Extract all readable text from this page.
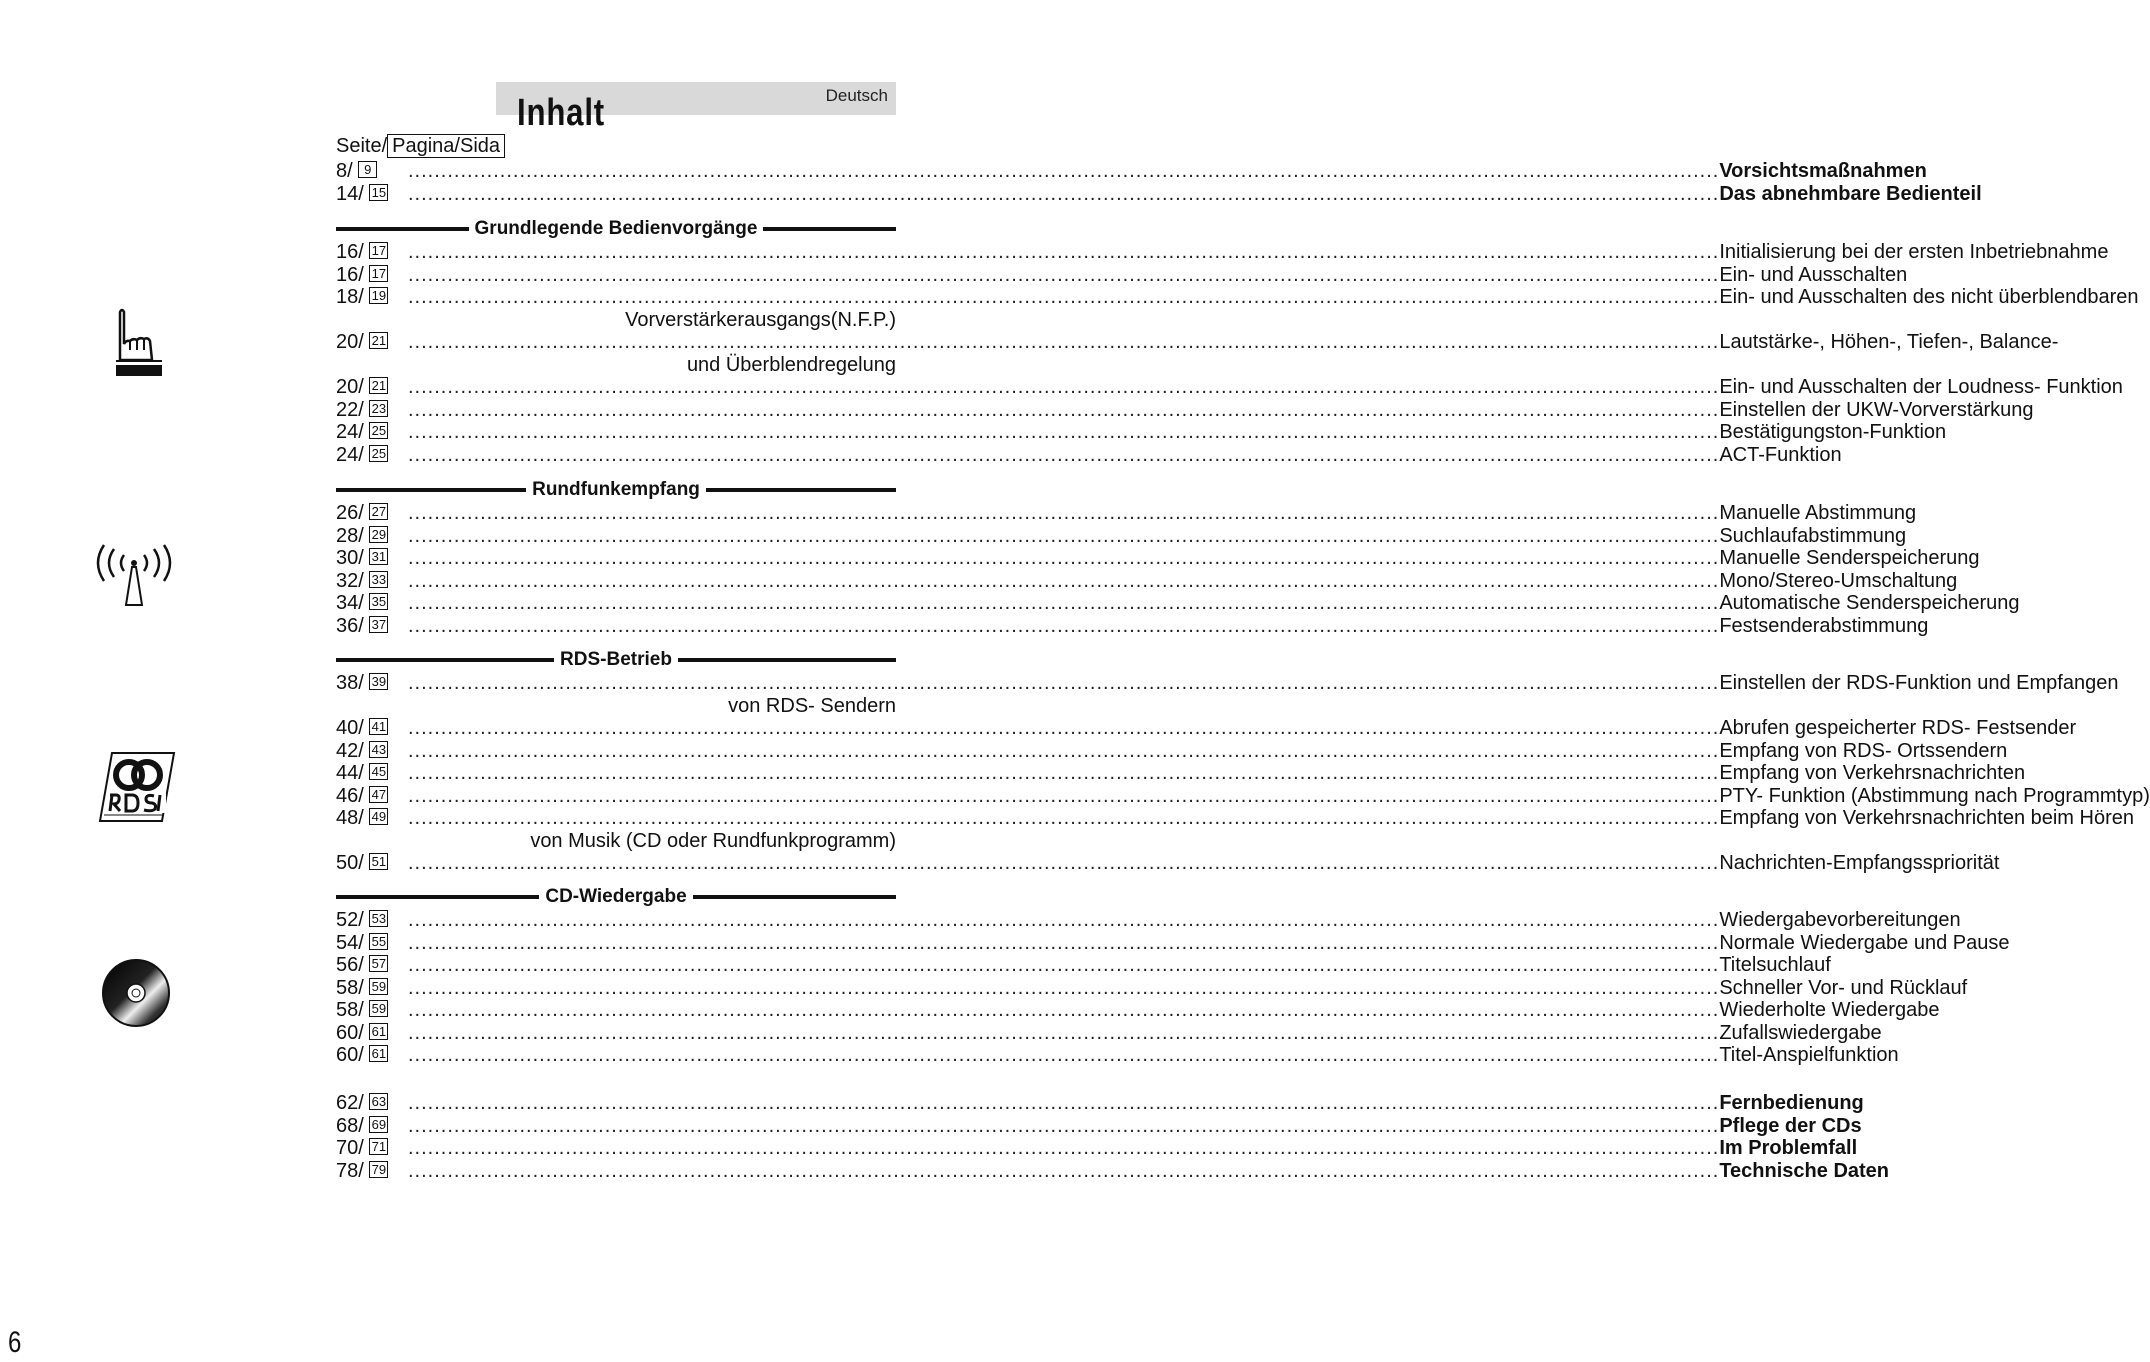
Deutsch
Inhalt
Seite/ Pagina/Sida
8/ 9 ........................................................................................................................................................................................................ Vorsichtsmaßnahmen
14/ 15 ........................................................................................................................................................................................................ Das abnehmbare Bedienteil
Grundlegende Bedienvorgänge
16/ 17 ........................................................................................................................................................................................................ Initialisierung bei der ersten Inbetriebnahme
16/ 17 ........................................................................................................................................................................................................ Ein- und Ausschalten
18/ 19 ........................................................................................................................................................................................................ Ein- und Ausschalten des nicht überblendbaren
Vorverstärkerausgangs(N.F.P.)
20/ 21 ........................................................................................................................................................................................................ Lautstärke-, Höhen-, Tiefen-, Balance-
und Überblendregelung
20/ 21 ........................................................................................................................................................................................................ Ein- und Ausschalten der Loudness- Funktion
22/ 23 ........................................................................................................................................................................................................ Einstellen der UKW-Vorverstärkung
24/ 25 ........................................................................................................................................................................................................ Bestätigungston-Funktion
24/ 25 ........................................................................................................................................................................................................ ACT-Funktion
Rundfunkempfang
26/ 27 ........................................................................................................................................................................................................ Manuelle Abstimmung
28/ 29 ........................................................................................................................................................................................................ Suchlaufabstimmung
30/ 31 ........................................................................................................................................................................................................ Manuelle Senderspeicherung
32/ 33 ........................................................................................................................................................................................................ Mono/Stereo-Umschaltung
34/ 35 ........................................................................................................................................................................................................ Automatische Senderspeicherung
36/ 37 ........................................................................................................................................................................................................ Festsenderabstimmung
RDS-Betrieb
38/ 39 ........................................................................................................................................................................................................ Einstellen der RDS-Funktion und Empfangen
von RDS- Sendern
40/ 41 ........................................................................................................................................................................................................ Abrufen gespeicherter RDS- Festsender
42/ 43 ........................................................................................................................................................................................................ Empfang von RDS- Ortssendern
44/ 45 ........................................................................................................................................................................................................ Empfang von Verkehrsnachrichten
46/ 47 ........................................................................................................................................................................................................ PTY- Funktion (Abstimmung nach Programmtyp)
48/ 49 ........................................................................................................................................................................................................ Empfang von Verkehrsnachrichten beim Hören
von Musik (CD oder Rundfunkprogramm)
50/ 51 ........................................................................................................................................................................................................ Nachrichten-Empfangsspriorität
CD-Wiedergabe
52/ 53 ........................................................................................................................................................................................................ Wiedergabevorbereitungen
54/ 55 ........................................................................................................................................................................................................ Normale Wiedergabe und Pause
56/ 57 ........................................................................................................................................................................................................ Titelsuchlauf
58/ 59 ........................................................................................................................................................................................................ Schneller Vor- und Rücklauf
58/ 59 ........................................................................................................................................................................................................ Wiederholte Wiedergabe
60/ 61 ........................................................................................................................................................................................................ Zufallswiedergabe
60/ 61 ........................................................................................................................................................................................................ Titel-Anspielfunktion
62/ 63 ........................................................................................................................................................................................................ Fernbedienung
68/ 69 ........................................................................................................................................................................................................ Pflege der CDs
70/ 71 ........................................................................................................................................................................................................ Im Problemfall
78/ 79 ........................................................................................................................................................................................................ Technische Daten
6
